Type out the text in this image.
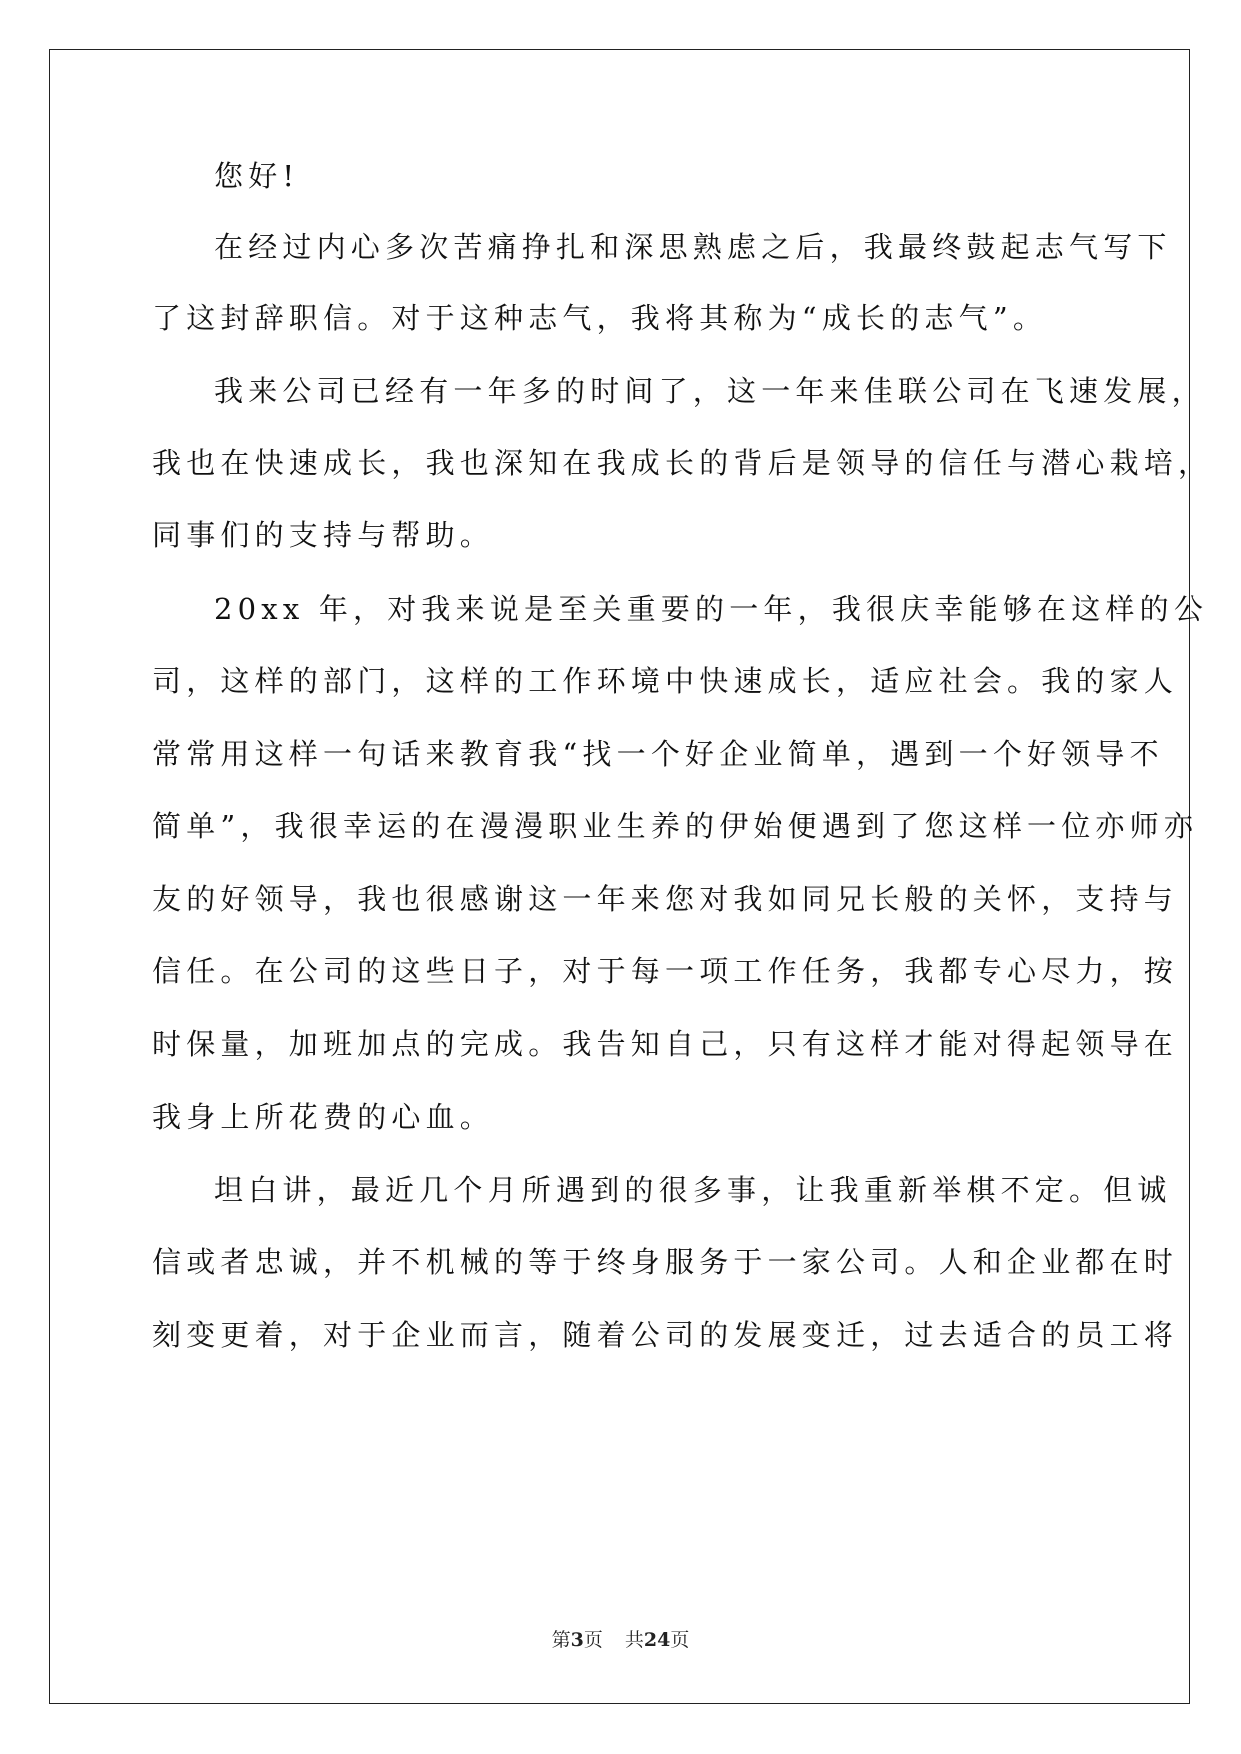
您好!
在经过内心多次苦痛挣扎和深思熟虑之后，我最终鼓起志气写下
了这封辞职信。对于这种志气，我将其称为“成长的志气”。
我来公司已经有一年多的时间了，这一年来佳联公司在飞速发展，
我也在快速成长，我也深知在我成长的背后是领导的信任与潜心栽培，
同事们的支持与帮助。
20xx 年，对我来说是至关重要的一年，我很庆幸能够在这样的公
司，这样的部门，这样的工作环境中快速成长，适应社会。我的家人
常常用这样一句话来教育我“找一个好企业简单，遇到一个好领导不
简单”，我很幸运的在漫漫职业生养的伊始便遇到了您这样一位亦师亦
友的好领导，我也很感谢这一年来您对我如同兄长般的关怀，支持与
信任。在公司的这些日子，对于每一项工作任务，我都专心尽力，按
时保量，加班加点的完成。我告知自己，只有这样才能对得起领导在
我身上所花费的心血。
坦白讲，最近几个月所遇到的很多事，让我重新举棋不定。但诚
信或者忠诚，并不机械的等于终身服务于一家公司。人和企业都在时
刻变更着，对于企业而言，随着公司的发展变迁，过去适合的员工将
第3页 共24页
